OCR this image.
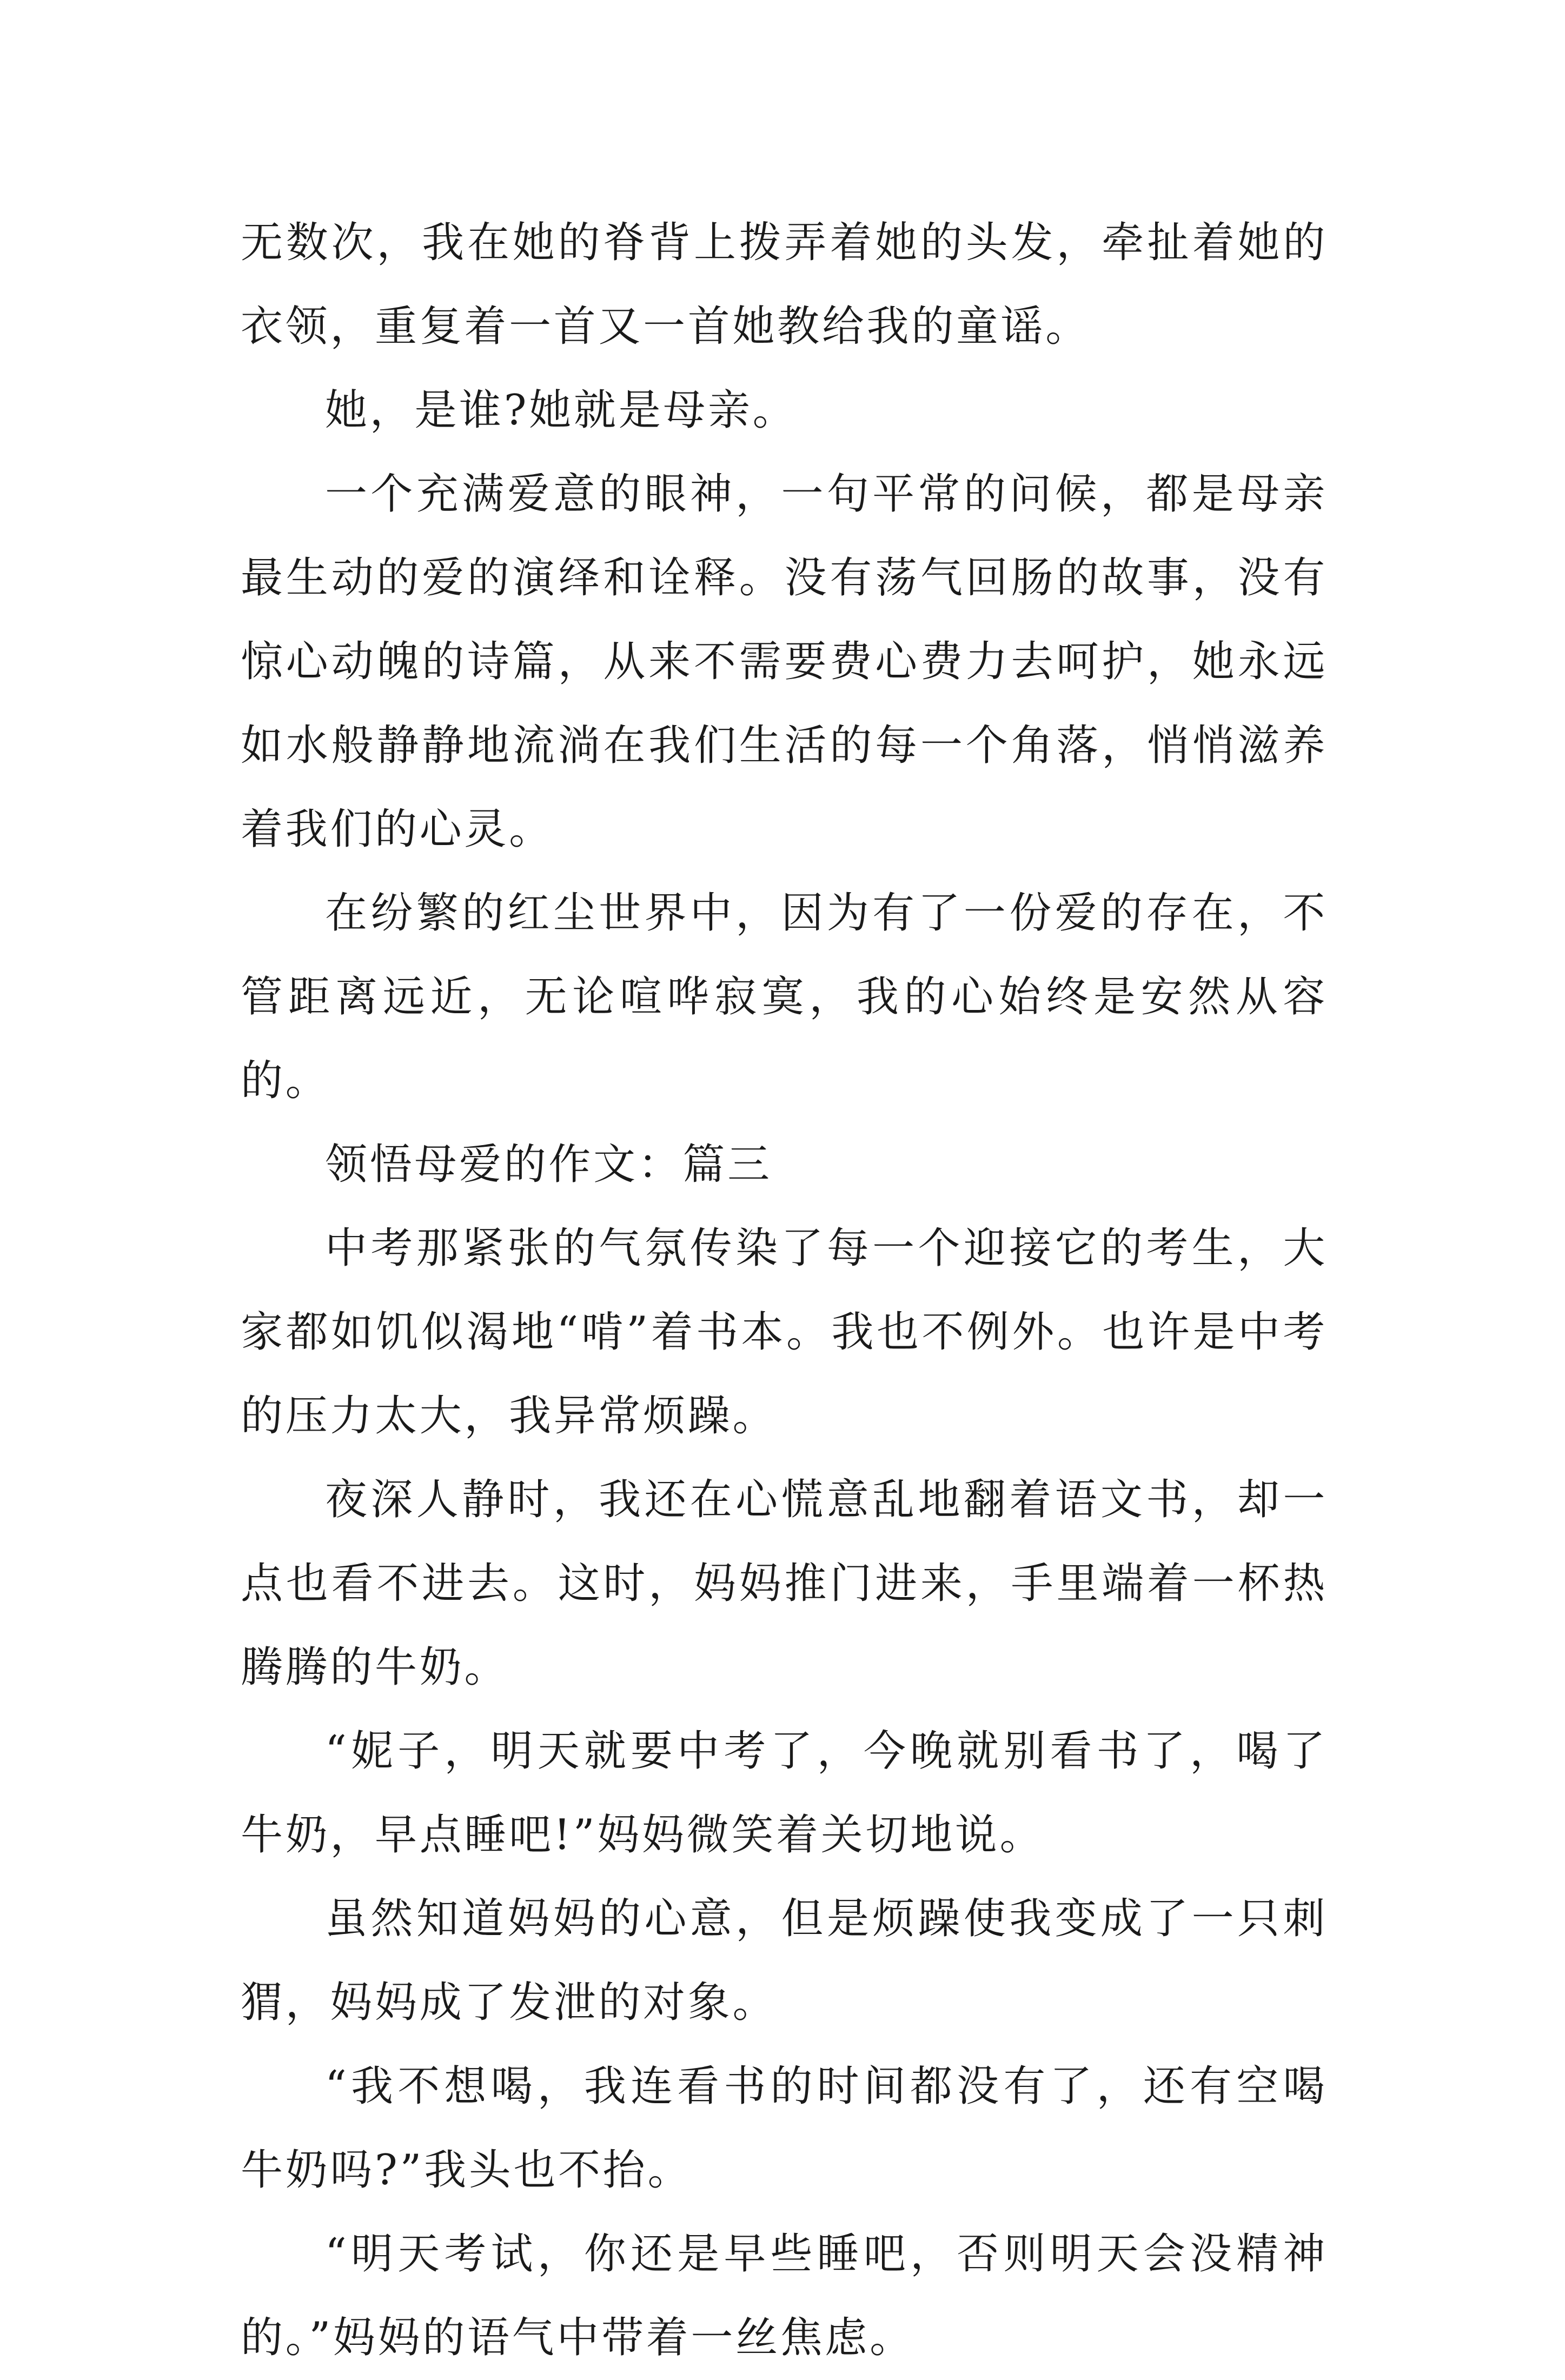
无数次，我在她的脊背上拨弄着她的头发，牵扯着她的衣领，重复着一首又一首她教给我的童谣。

她，是谁?她就是母亲。

一个充满爱意的眼神，一句平常的问候，都是母亲最生动的爱的演绎和诠释。没有荡气回肠的故事，没有惊心动魄的诗篇，从来不需要费心费力去呵护，她永远如水般静静地流淌在我们生活的每一个角落，悄悄滋养着我们的心灵。

在纷繁的红尘世界中，因为有了一份爱的存在，不管距离远近，无论喧哗寂寞，我的心始终是安然从容的。

领悟母爱的作文：篇三

中考那紧张的气氛传染了每一个迎接它的考生，大家都如饥似渴地“啃”着书本。我也不例外。也许是中考的压力太大，我异常烦躁。

夜深人静时，我还在心慌意乱地翻着语文书，却一点也看不进去。这时，妈妈推门进来，手里端着一杯热腾腾的牛奶。

“妮子，明天就要中考了，今晚就别看书了，喝了牛奶，早点睡吧!”妈妈微笑着关切地说。

虽然知道妈妈的心意，但是烦躁使我变成了一只刺猬，妈妈成了发泄的对象。

“我不想喝，我连看书的时间都没有了，还有空喝牛奶吗?”我头也不抬。

“明天考试，你还是早些睡吧，否则明天会没精神的。”妈妈的语气中带着一丝焦虑。
